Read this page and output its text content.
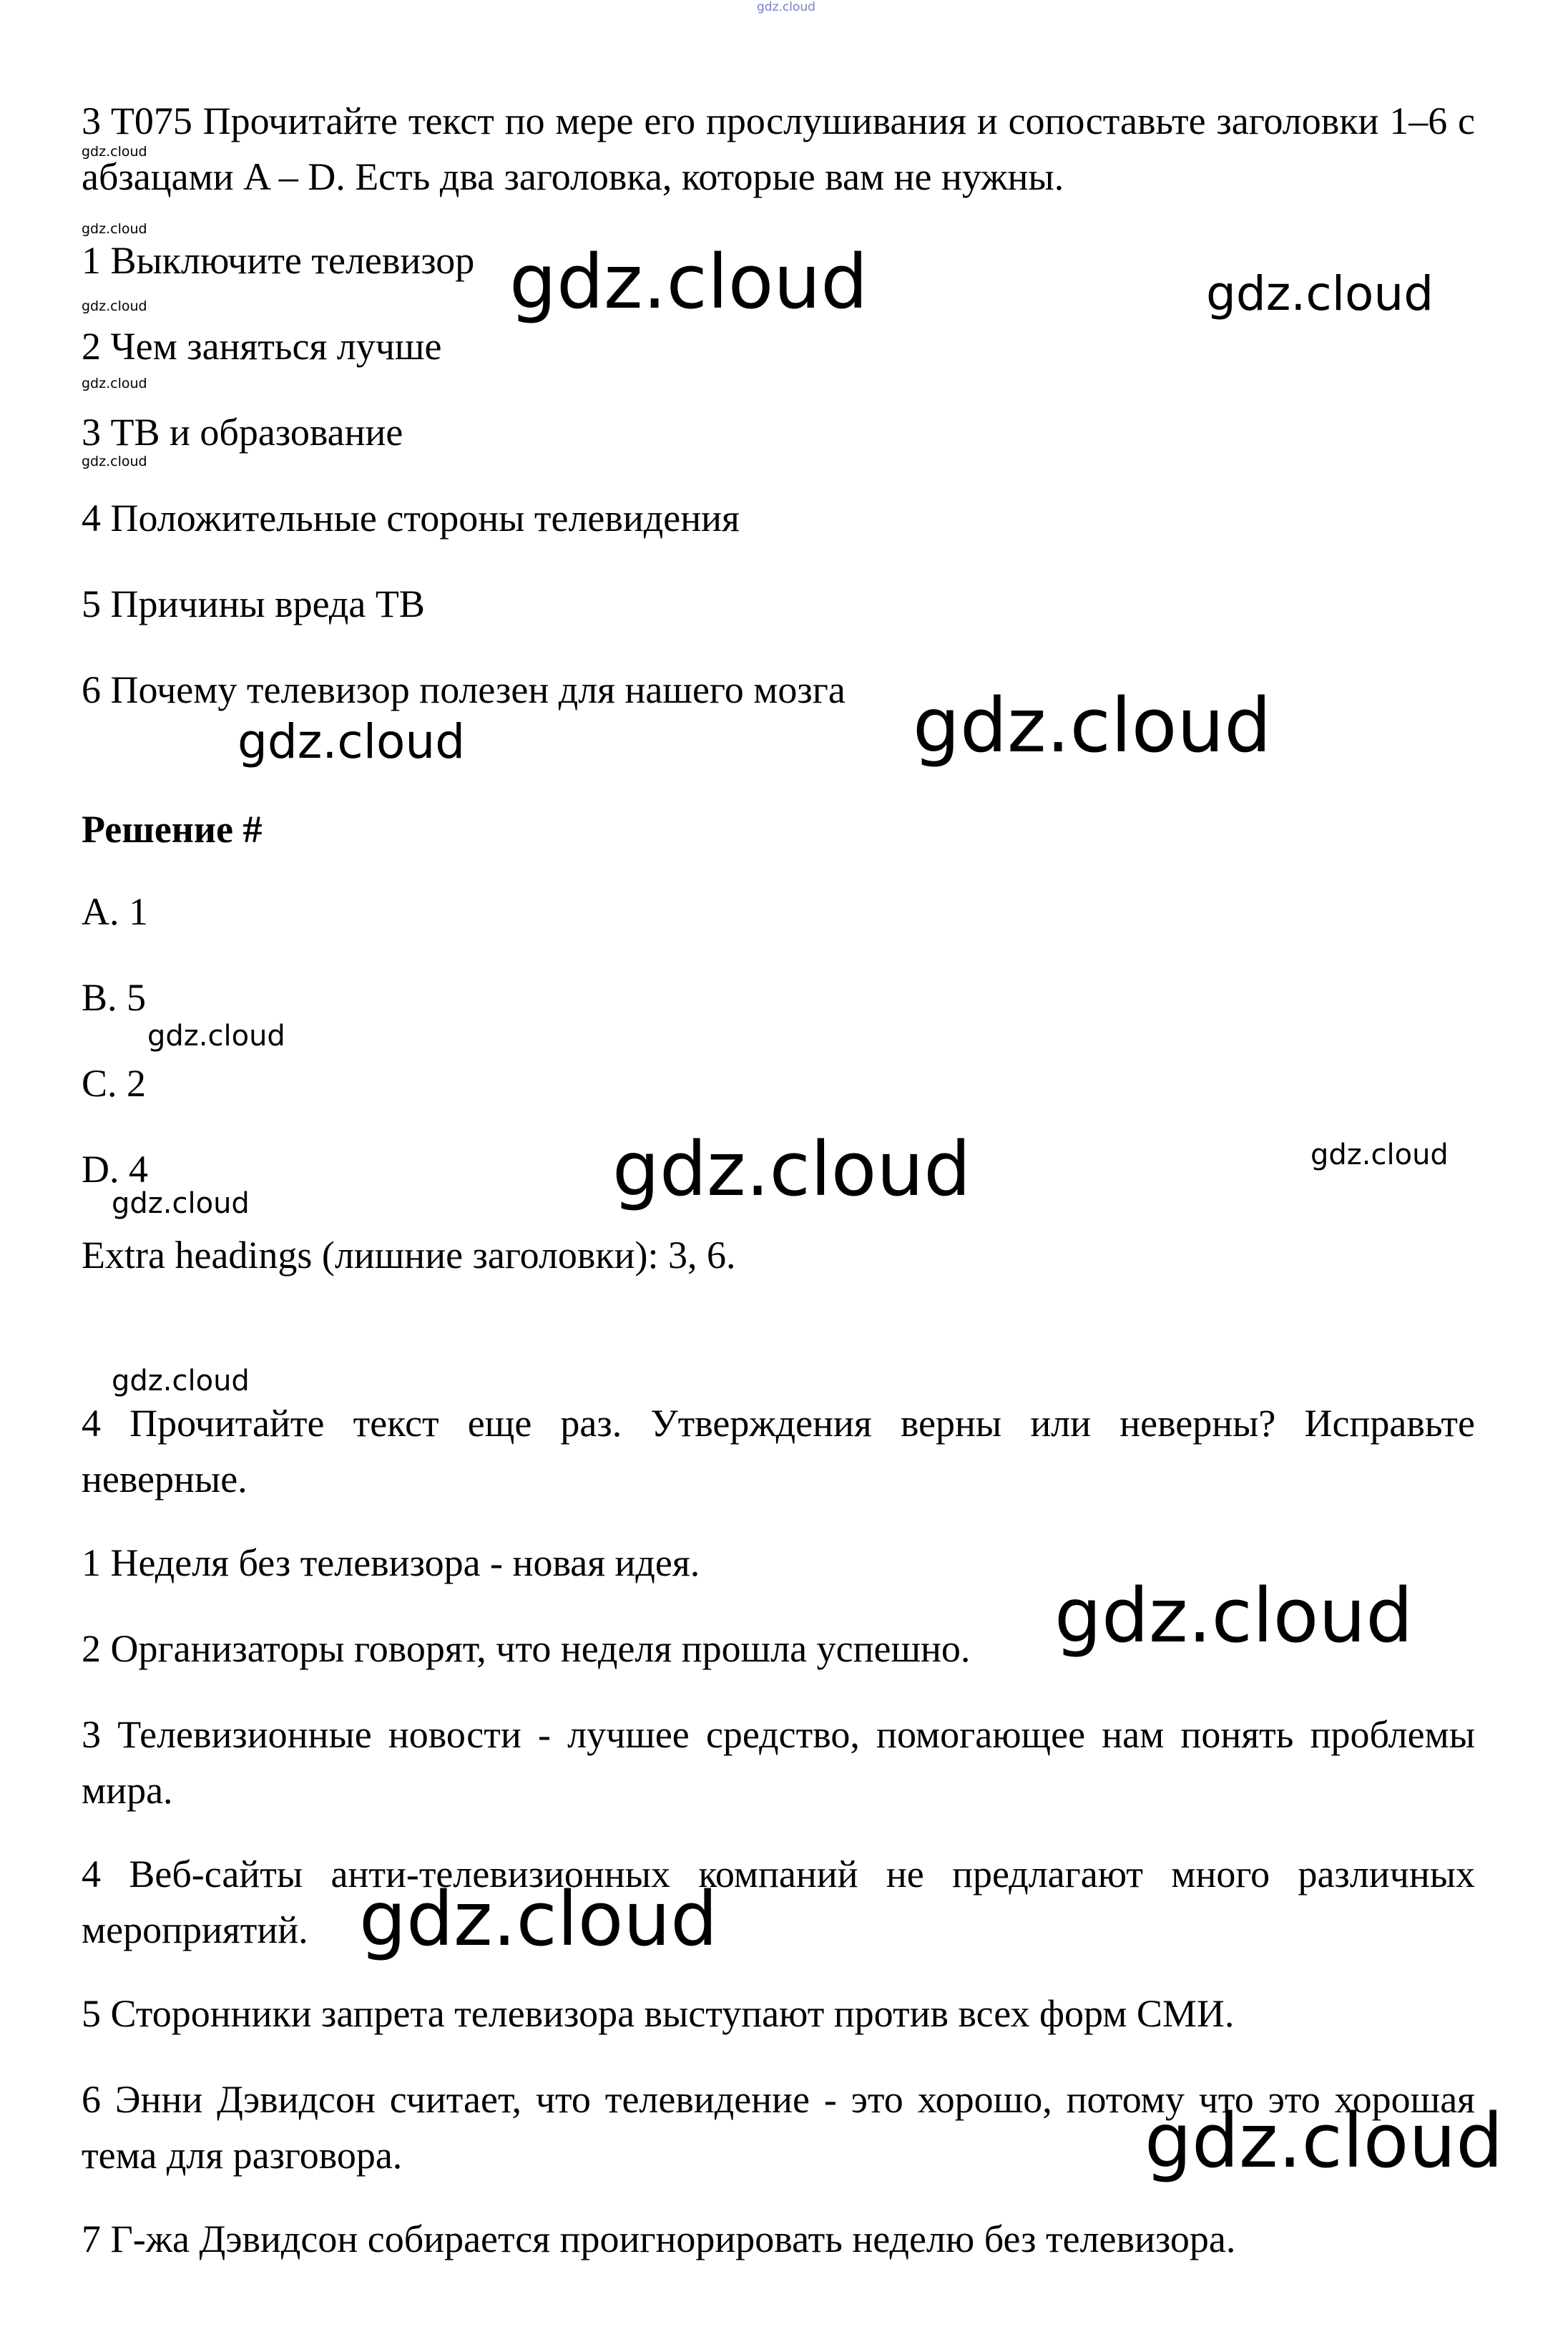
gdz.cloud
3 T075 Прочитайте текст по мере его прослушивания и сопоставьте заголовки 1–6 с абзацами A – D. Есть два заголовка, которые вам не нужны.
1 Выключите телевизор
2 Чем заняться лучше
3 ТВ и образование
4 Положительные стороны телевидения
5 Причины вреда ТВ
6 Почему телевизор полезен для нашего мозга
Решение #
A. 1
B. 5
C. 2
D. 4
Extra headings (лишние заголовки): 3, 6.
4 Прочитайте текст еще раз. Утверждения верны или неверны? Исправьте неверные.
1 Неделя без телевизора - новая идея.
2 Организаторы говорят, что неделя прошла успешно.
3 Телевизионные новости - лучшее средство, помогающее нам понять проблемы мира.
4 Веб-сайты анти-телевизионных компаний не предлагают много различных мероприятий.
5 Сторонники запрета телевизора выступают против всех форм СМИ.
6 Энни Дэвидсон считает, что телевидение - это хорошо, потому что это хорошая тема для разговора.
7 Г-жа Дэвидсон собирается проигнорировать неделю без телевизора.
gdz.cloud
gdz.cloud
gdz.cloud
gdz.cloud
gdz.cloud
gdz.cloud	gdz.cloud
gdz.cloud
gdz.cloud
gdz.cloud
gdz.cloud	gdz.cloud
gdz.cloud
gdz.cloud
gdz.cloud
gdz.cloud
gdz.cloud
